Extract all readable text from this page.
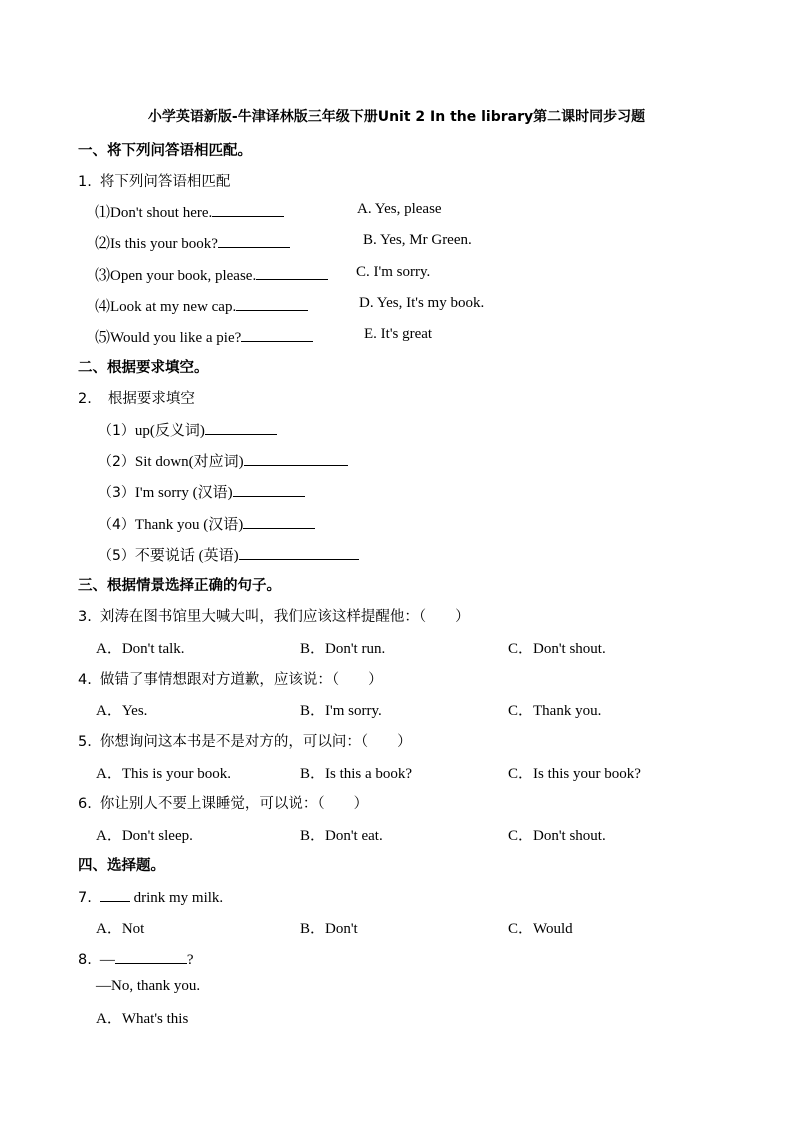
小学英语新版-牛津译林版三年级下册Unit 2 In the library第二课时同步习题
一、将下列问答语相匹配。
1. 将下列问答语相匹配
⑴Don't shout here.	A. Yes, please
⑵Is this your book?	B. Yes, Mr Green.
⑶Open your book, please.	C. I'm sorry.
⑷Look at my new cap.	D. Yes, It's my book.
⑸Would you like a pie?	E. It's great
二、根据要求填空。
2. 根据要求填空
（1）up(反义词)
（2）Sit down(对应词)
（3）I'm sorry (汉语)
（4）Thank you (汉语)
（5）不要说话 (英语)
三、根据情景选择正确的句子。
3. 刘涛在图书馆里大喊大叫，我们应该这样提醒他：（　　）
A．Don't talk.	B．Don't run.	C．Don't shout.
4. 做错了事情想跟对方道歉，应该说：（　　）
A．Yes.	B．I'm sorry.	C．Thank you.
5. 你想询问这本书是不是对方的，可以问：（　　）
A．This is your book.	B．Is this a book?	C．Is this your book?
6. 你让别人不要上课睡觉，可以说：（　　）
A．Don't sleep.	B．Don't eat.	C．Don't shout.
四、选择题。
7.	drink my milk.
A．Not	B．Don't	C．Would
8. —	?
—No, thank you.
A．What's this
